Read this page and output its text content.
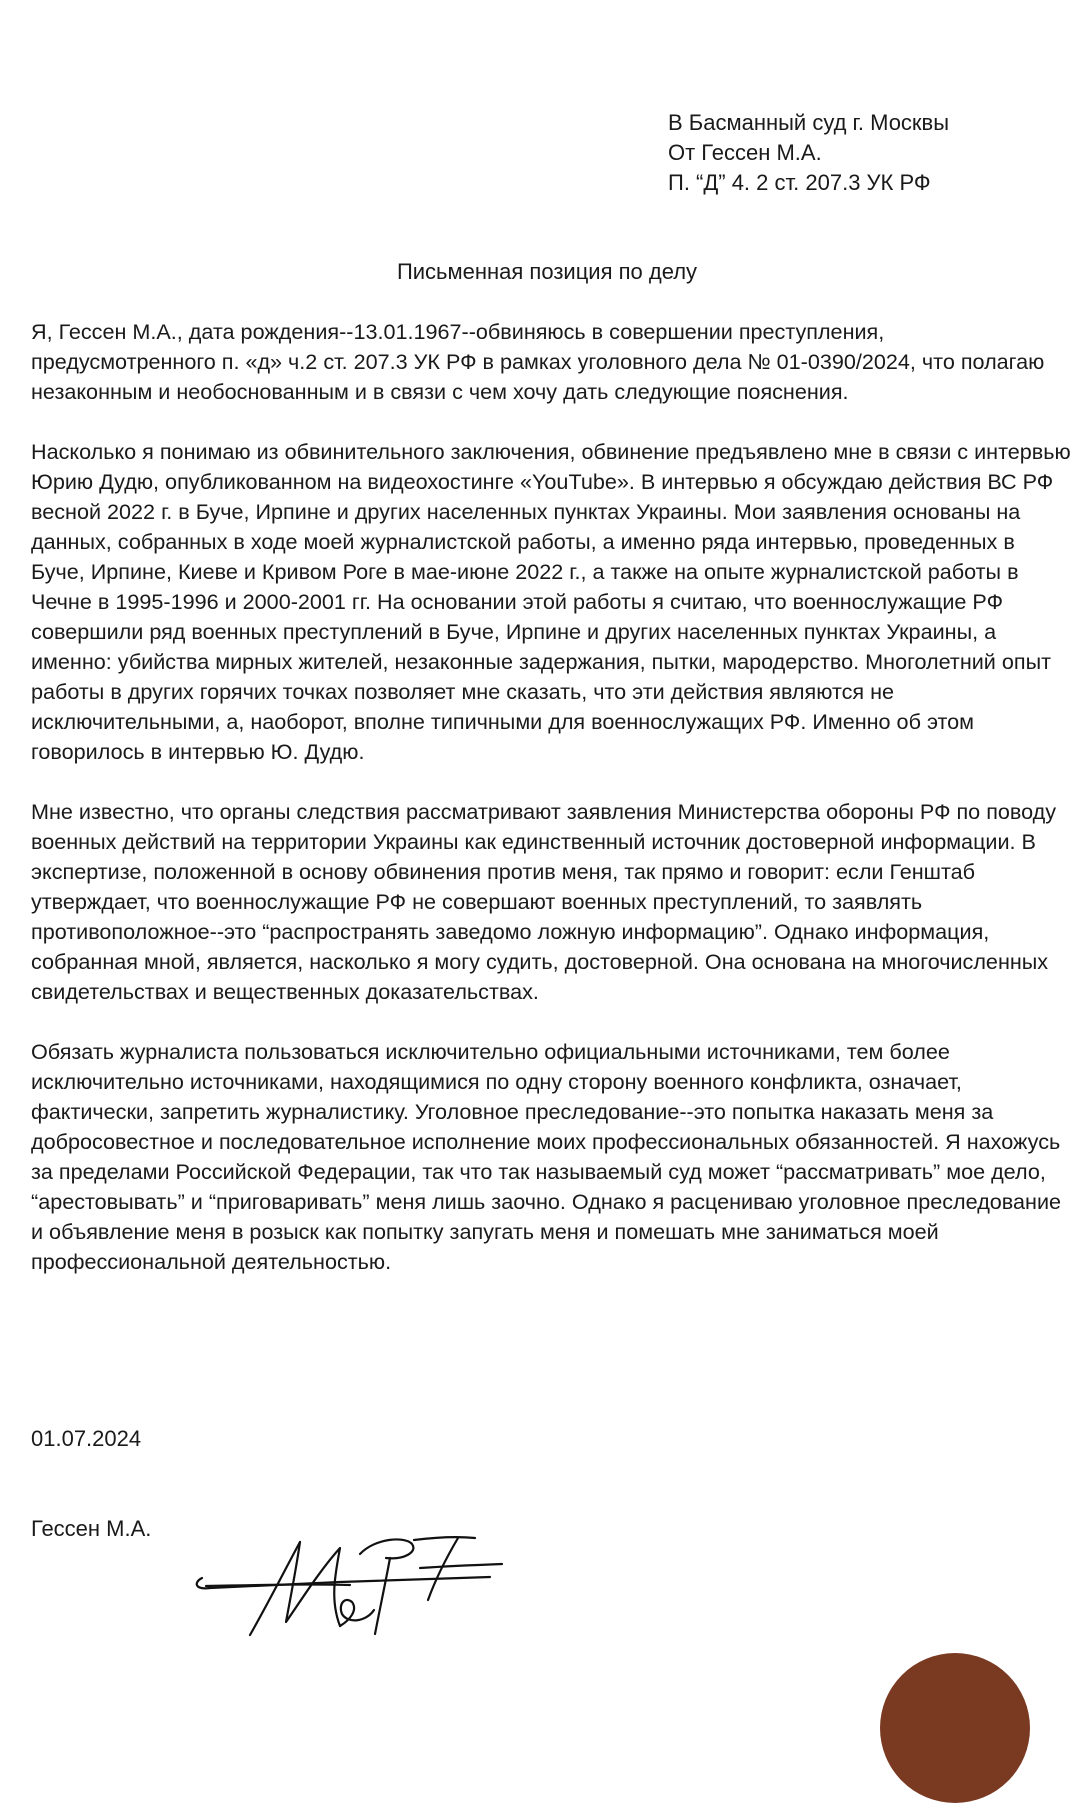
В Басманный суд г. Москвы
От Гессен М.А.
П. “Д” 4. 2 ст. 207.3 УК РФ
Письменная позиция по делу

Я, Гессен М.А., дата рождения--13.01.1967--обвиняюсь в совершении преступления, предусмотренного п. «д» ч.2 ст. 207.3 УК РФ в рамках уголовного дела № 01-0390/2024, что полагаю незаконным и необоснованным и в связи с чем хочу дать следующие пояснения.

Насколько я понимаю из обвинительного заключения, обвинение предъявлено мне в связи с интервью Юрию Дудю, опубликованном на видеохостинге «YouTube». В интервью я обсуждаю действия ВС РФ весной 2022 г. в Буче, Ирпине и других населенных пунктах Украины. Мои заявления основаны на данных, собранных в ходе моей журналистской работы, а именно ряда интервью, проведенных в Буче, Ирпине, Киеве и Кривом Роге в мае-июне 2022 г., а также на опыте журналистской работы в Чечне в 1995-1996 и 2000-2001 гг. На основании этой работы я считаю, что военнослужащие РФ совершили ряд военных преступлений в Буче, Ирпине и других населенных пунктах Украины, а именно: убийства мирных жителей, незаконные задержания, пытки, мародерство. Многолетний опыт работы в других горячих точках позволяет мне сказать, что эти действия являются не исключительными, а, наоборот, вполне типичными для военнослужащих РФ. Именно об этом говорилось в интервью Ю. Дудю.

Мне известно, что органы следствия рассматривают заявления Министерства обороны РФ по поводу военных действий на территории Украины как единственный источник достоверной информации. В экспертизе, положенной в основу обвинения против меня, так прямо и говорит: если Генштаб утверждает, что военнослужащие РФ не совершают военных преступлений, то заявлять противоположное--это “распространять заведомо ложную информацию”. Однако информация, собранная мной, является, насколько я могу судить, достоверной. Она основана на многочисленных свидетельствах и вещественных доказательствах.

Обязать журналиста пользоваться исключительно официальными источниками, тем более исключительно источниками, находящимися по одну сторону военного конфликта, означает, фактически, запретить журналистику. Уголовное преследование--это попытка наказать меня за добросовестное и последовательное исполнение моих профессиональных обязанностей. Я нахожусь за пределами Российской Федерации, так что так называемый суд может “рассматривать” мое дело, “арестовывать” и “приговаривать” меня лишь заочно. Однако я расцениваю уголовное преследование и объявление меня в розыск как попытку запугать меня и помешать мне заниматься моей профессиональной деятельностью.

01.07.2024
Гессен М.А.
